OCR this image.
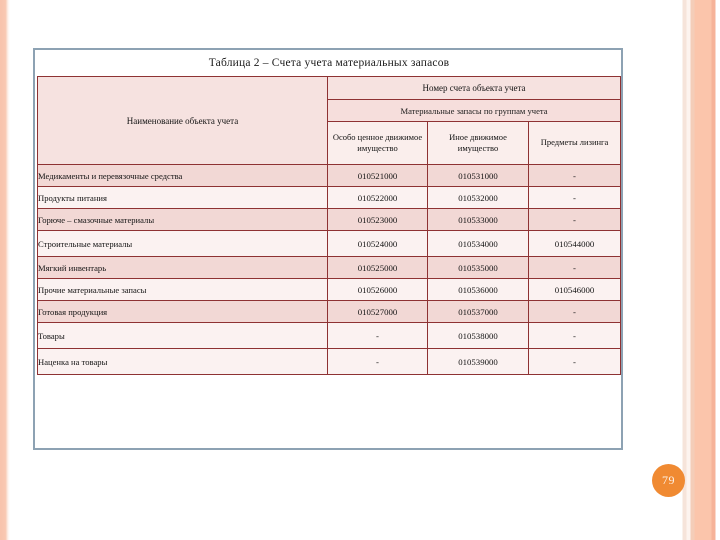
Таблица 2 – Счета учета материальных запасов			
Наименование объекта учета	Номер счета объекта учета		
	Материальные запасы по группам учета		
	Особо ценное движимое имущество	Иное движимое имущество	Предметы лизинга
Медикаменты и перевязочные средства	010521000	010531000	-
Продукты питания	010522000	010532000	-
Горюче – смазочные материалы	010523000	010533000	-
Строительные материалы	010524000	010534000	010544000
Мягкий инвентарь	010525000	010535000	-
Прочие материальные запасы	010526000	010536000	010546000
Готовая продукция	010527000	010537000	-
Товары	-	010538000	-
Наценка на товары	-	010539000	-
79
